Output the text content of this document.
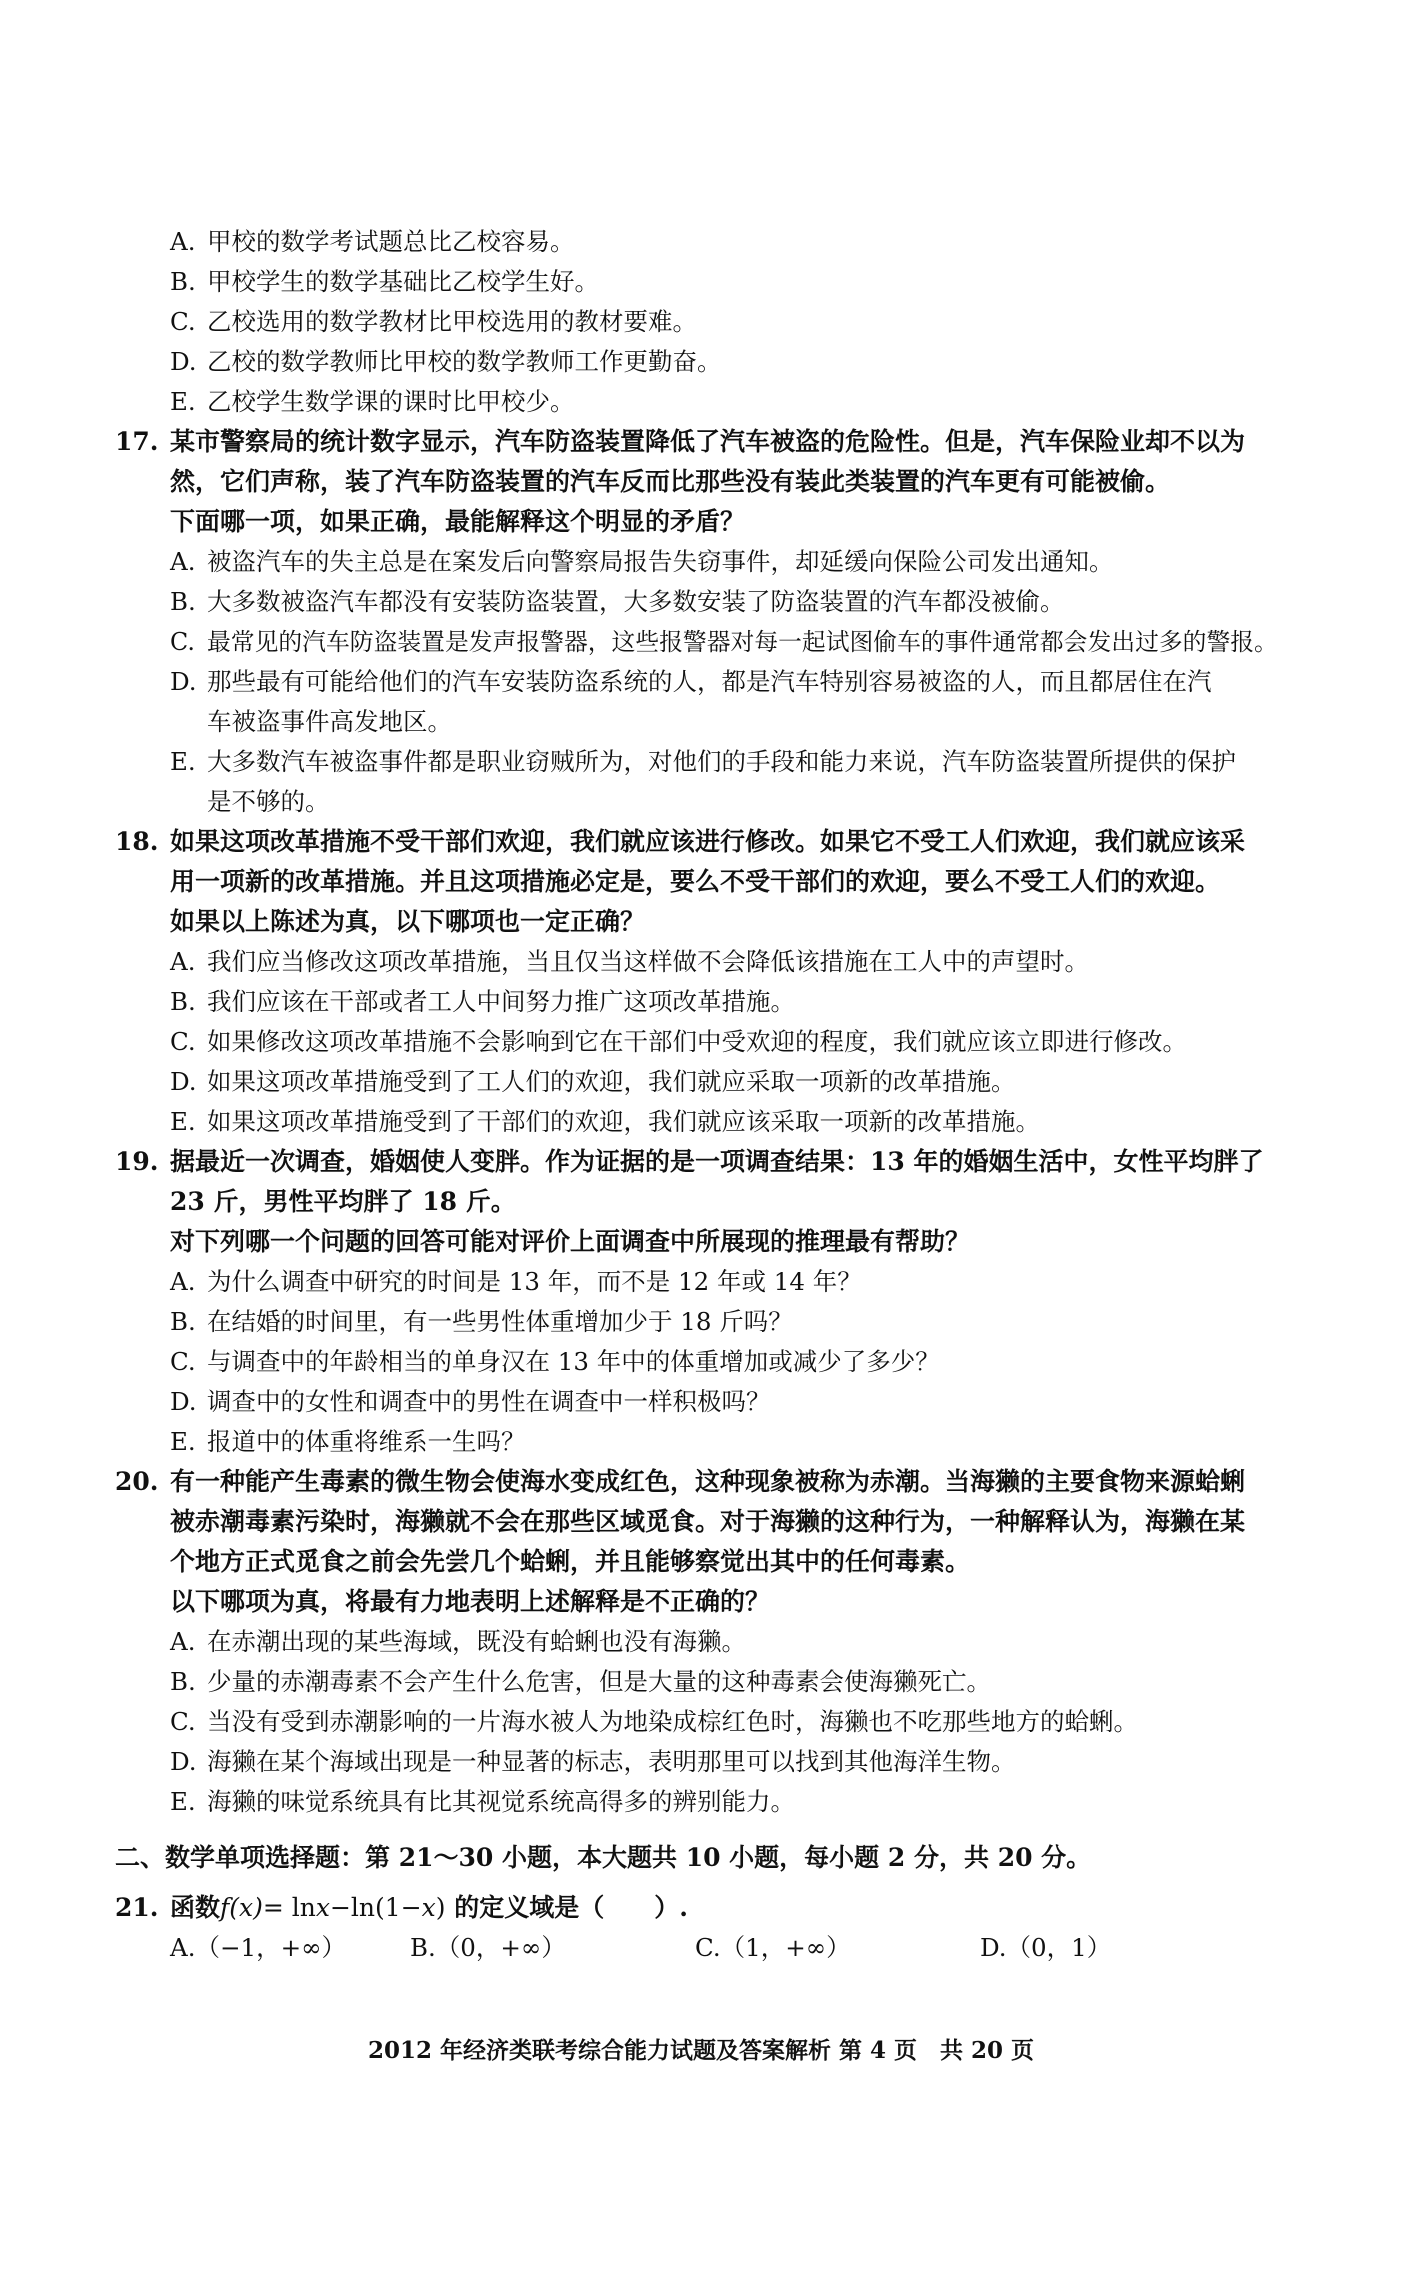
A. 甲校的数学考试题总比乙校容易。
B. 甲校学生的数学基础比乙校学生好。
C. 乙校选用的数学教材比甲校选用的教材要难。
D. 乙校的数学教师比甲校的数学教师工作更勤奋。
E. 乙校学生数学课的课时比甲校少。
17. 某市警察局的统计数字显示，汽车防盗装置降低了汽车被盗的危险性。但是，汽车保险业却不以为
然，它们声称，装了汽车防盗装置的汽车反而比那些没有装此类装置的汽车更有可能被偷。
下面哪一项，如果正确，最能解释这个明显的矛盾？
A. 被盗汽车的失主总是在案发后向警察局报告失窃事件，却延缓向保险公司发出通知。
B. 大多数被盗汽车都没有安装防盗装置，大多数安装了防盗装置的汽车都没被偷。
C. 最常见的汽车防盗装置是发声报警器，这些报警器对每一起试图偷车的事件通常都会发出过多的警报。
D. 那些最有可能给他们的汽车安装防盗系统的人，都是汽车特别容易被盗的人，而且都居住在汽
车被盗事件高发地区。
E. 大多数汽车被盗事件都是职业窃贼所为，对他们的手段和能力来说，汽车防盗装置所提供的保护
是不够的。
18. 如果这项改革措施不受干部们欢迎，我们就应该进行修改。如果它不受工人们欢迎，我们就应该采
用一项新的改革措施。并且这项措施必定是，要么不受干部们的欢迎，要么不受工人们的欢迎。
如果以上陈述为真，以下哪项也一定正确？
A. 我们应当修改这项改革措施，当且仅当这样做不会降低该措施在工人中的声望时。
B. 我们应该在干部或者工人中间努力推广这项改革措施。
C. 如果修改这项改革措施不会影响到它在干部们中受欢迎的程度，我们就应该立即进行修改。
D. 如果这项改革措施受到了工人们的欢迎，我们就应采取一项新的改革措施。
E. 如果这项改革措施受到了干部们的欢迎，我们就应该采取一项新的改革措施。
19. 据最近一次调查，婚姻使人变胖。作为证据的是一项调查结果：13 年的婚姻生活中，女性平均胖了
23 斤，男性平均胖了 18 斤。
对下列哪一个问题的回答可能对评价上面调查中所展现的推理最有帮助？
A. 为什么调查中研究的时间是 13 年，而不是 12 年或 14 年？
B. 在结婚的时间里，有一些男性体重增加少于 18 斤吗？
C. 与调查中的年龄相当的单身汉在 13 年中的体重增加或减少了多少？
D. 调查中的女性和调查中的男性在调查中一样积极吗？
E. 报道中的体重将维系一生吗？
20. 有一种能产生毒素的微生物会使海水变成红色，这种现象被称为赤潮。当海獭的主要食物来源蛤蜊
被赤潮毒素污染时，海獭就不会在那些区域觅食。对于海獭的这种行为，一种解释认为，海獭在某
个地方正式觅食之前会先尝几个蛤蜊，并且能够察觉出其中的任何毒素。
以下哪项为真，将最有力地表明上述解释是不正确的？
A. 在赤潮出现的某些海域，既没有蛤蜊也没有海獭。
B. 少量的赤潮毒素不会产生什么危害，但是大量的这种毒素会使海獭死亡。
C. 当没有受到赤潮影响的一片海水被人为地染成棕红色时，海獭也不吃那些地方的蛤蜊。
D. 海獭在某个海域出现是一种显著的标志，表明那里可以找到其他海洋生物。
E. 海獭的味觉系统具有比其视觉系统高得多的辨别能力。
二、数学单项选择题：第 21～30 小题，本大题共 10 小题，每小题 2 分，共 20 分。
21. 函数f(x)= lnx−ln(1−x) 的定义域是（　　）.
A.（−1，+∞）	B.（0，+∞）	C.（1，+∞）	D.（0，1）
2012 年经济类联考综合能力试题及答案解析 第 4 页　共 20 页
